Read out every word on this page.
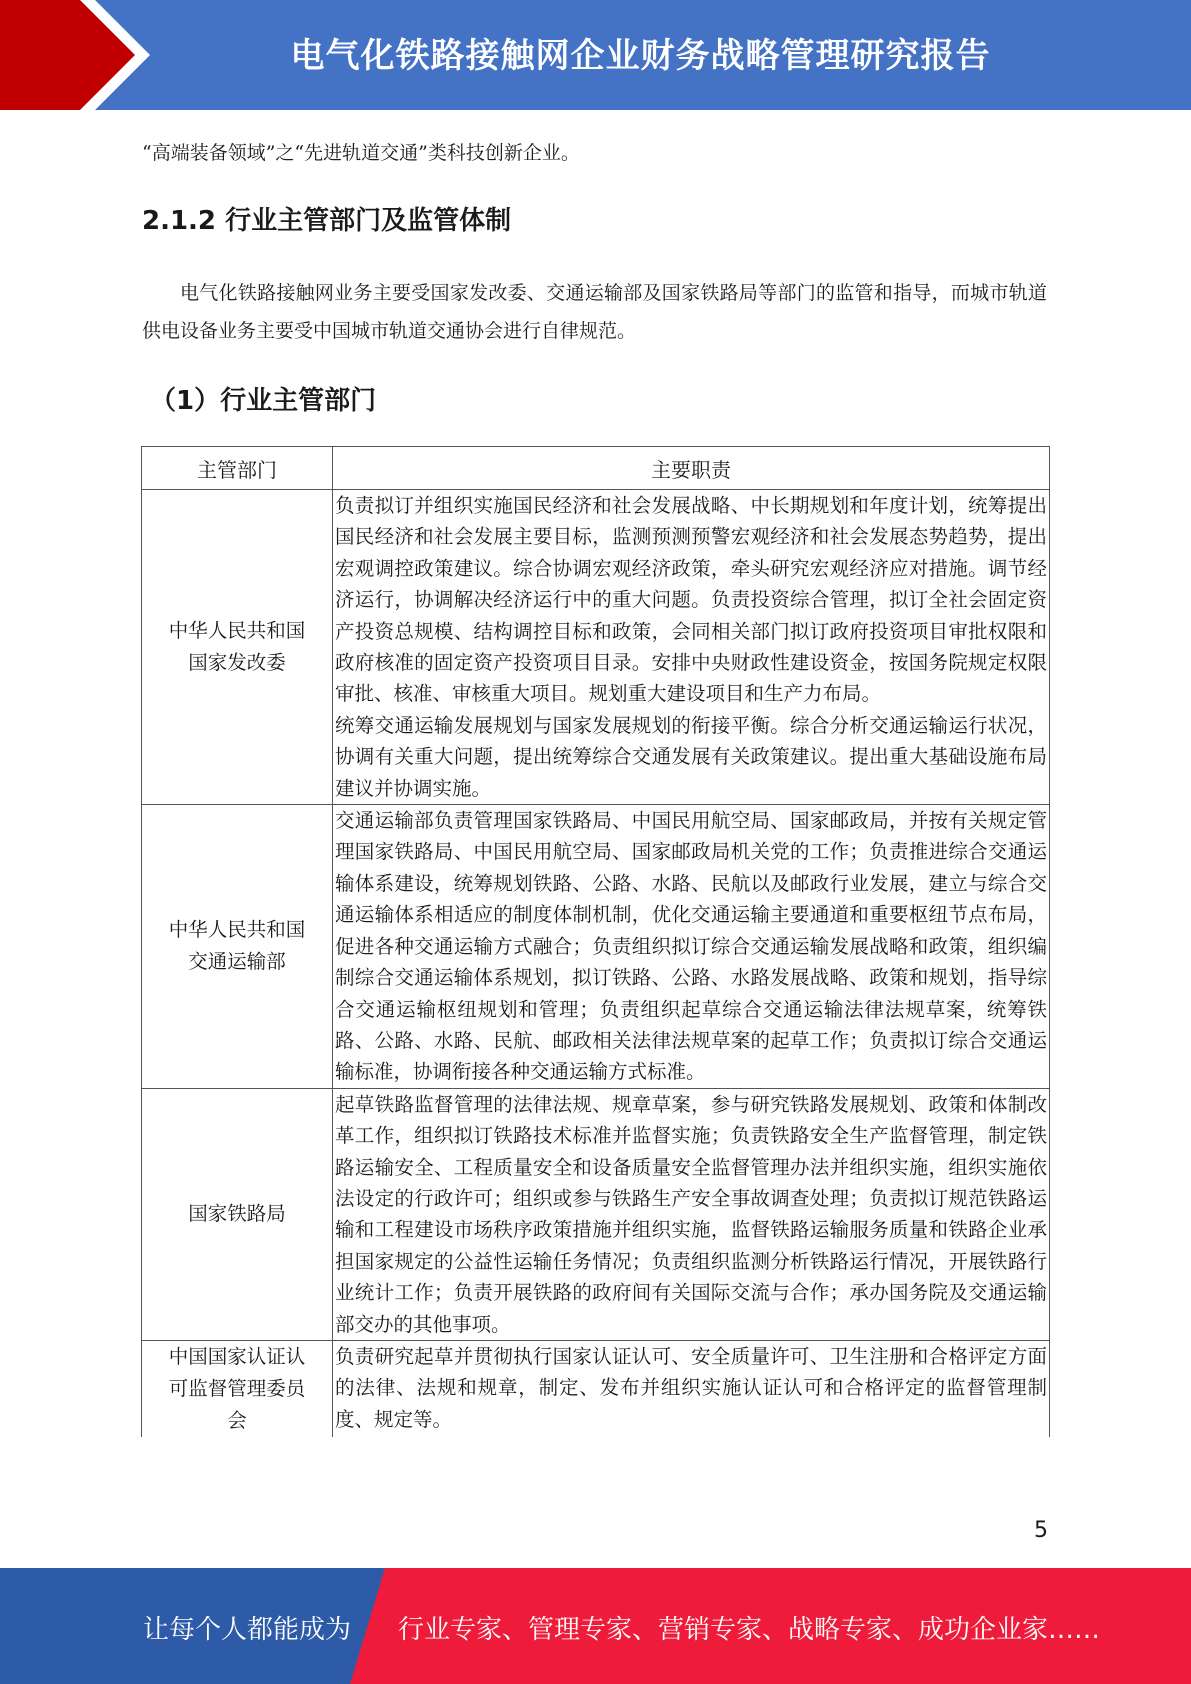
电气化铁路接触网企业财务战略管理研究报告
“高端装备领域”之“先进轨道交通”类科技创新企业。
2.1.2 行业主管部门及监管体制
电气化铁路接触网业务主要受国家发改委、交通运输部及国家铁路局等部门的监管和指导，而城市轨道供电设备业务主要受中国城市轨道交通协会进行自律规范。
（1）行业主管部门
主管部门	主要职责

中华人民共和国国家发改委	负责拟订并组织实施国民经济和社会发展战略、中长期规划和年度计划，统筹提出国民经济和社会发展主要目标，监测预测预警宏观经济和社会发展态势趋势，提出宏观调控政策建议。综合协调宏观经济政策，牵头研究宏观经济应对措施。调节经济运行，协调解决经济运行中的重大问题。负责投资综合管理，拟订全社会固定资产投资总规模、结构调控目标和政策，会同相关部门拟订政府投资项目审批权限和政府核准的固定资产投资项目目录。安排中央财政性建设资金，按国务院规定权限审批、核准、审核重大项目。规划重大建设项目和生产力布局。

统筹交通运输发展规划与国家发展规划的衔接平衡。综合分析交通运输运行状况，协调有关重大问题，提出统筹综合交通发展有关政策建议。提出重大基础设施布局建议并协调实施。

中华人民共和国交通运输部	交通运输部负责管理国家铁路局、中国民用航空局、国家邮政局，并按有关规定管理国家铁路局、中国民用航空局、国家邮政局机关党的工作；负责推进综合交通运输体系建设，统筹规划铁路、公路、水路、民航以及邮政行业发展，建立与综合交通运输体系相适应的制度体制机制，优化交通运输主要通道和重要枢纽节点布局，促进各种交通运输方式融合；负责组织拟订综合交通运输发展战略和政策，组织编制综合交通运输体系规划，拟订铁路、公路、水路发展战略、政策和规划，指导综合交通运输枢纽规划和管理；负责组织起草综合交通运输法律法规草案，统筹铁路、公路、水路、民航、邮政相关法律法规草案的起草工作；负责拟订综合交通运输标准，协调衔接各种交通运输方式标准。

国家铁路局	起草铁路监督管理的法律法规、规章草案，参与研究铁路发展规划、政策和体制改革工作，组织拟订铁路技术标准并监督实施；负责铁路安全生产监督管理，制定铁路运输安全、工程质量安全和设备质量安全监督管理办法并组织实施，组织实施依法设定的行政许可；组织或参与铁路生产安全事故调查处理；负责拟订规范铁路运输和工程建设市场秩序政策措施并组织实施，监督铁路运输服务质量和铁路企业承担国家规定的公益性运输任务情况；负责组织监测分析铁路运行情况，开展铁路行业统计工作；负责开展铁路的政府间有关国际交流与合作；承办国务院及交通运输部交办的其他事项。

中国国家认证认可监督管理委员会	负责研究起草并贯彻执行国家认证认可、安全质量许可、卫生注册和合格评定方面的法律、法规和规章，制定、发布并组织实施认证认可和合格评定的监督管理制度、规定等。

5
让每个人都能成为 行业专家、管理专家、营销专家、战略专家、成功企业家……
